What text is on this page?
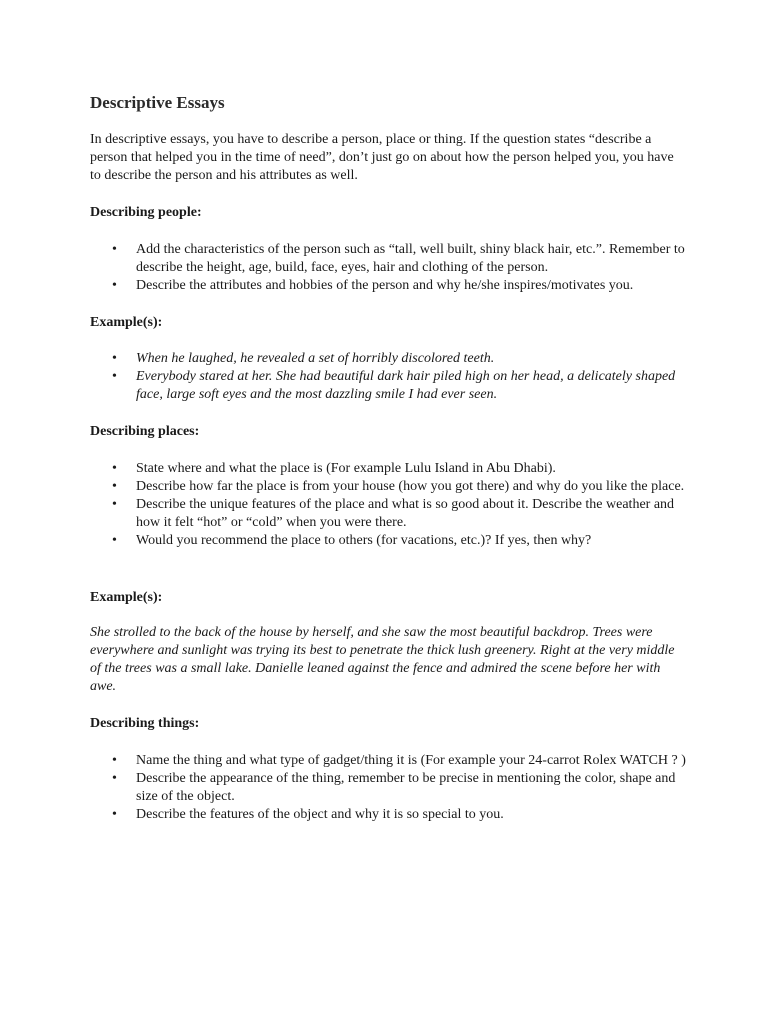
Descriptive Essays

In descriptive essays, you have to describe a person, place or thing. If the question states “describe a person that helped you in the time of need”, don’t just go on about how the person helped you, you have to describe the person and his attributes as well.

Describing people:
• Add the characteristics of the person such as “tall, well built, shiny black hair, etc.”. Remember to describe the height, age, build, face, eyes, hair and clothing of the person.
• Describe the attributes and hobbies of the person and why he/she inspires/motivates you.
Example(s):
• When he laughed, he revealed a set of horribly discolored teeth.
• Everybody stared at her. She had beautiful dark hair piled high on her head, a delicately shaped face, large soft eyes and the most dazzling smile I had ever seen.
Describing places:
• State where and what the place is (For example Lulu Island in Abu Dhabi).
• Describe how far the place is from your house (how you got there) and why do you like the place.
• Describe the unique features of the place and what is so good about it. Describe the weather and how it felt “hot” or “cold” when you were there.
• Would you recommend the place to others (for vacations, etc.)? If yes, then why?
Example(s):

She strolled to the back of the house by herself, and she saw the most beautiful backdrop. Trees were everywhere and sunlight was trying its best to penetrate the thick lush greenery. Right at the very middle of the trees was a small lake. Danielle leaned against the fence and admired the scene before her with awe.

Describing things:
• Name the thing and what type of gadget/thing it is (For example your 24-carrot Rolex WATCH ? )
• Describe the appearance of the thing, remember to be precise in mentioning the color, shape and size of the object.
• Describe the features of the object and why it is so special to you.
